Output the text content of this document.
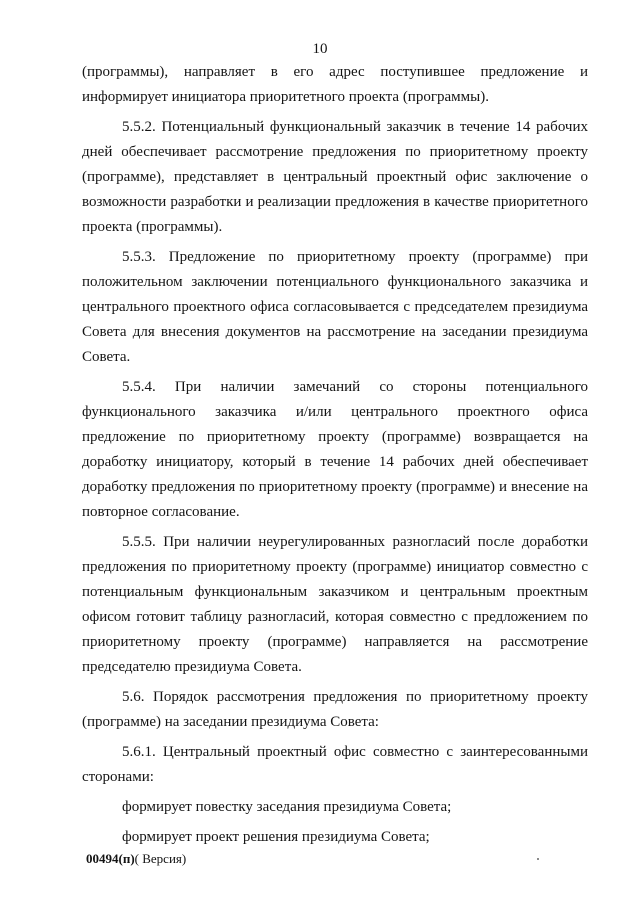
10

(программы), направляет в его адрес поступившее предложение и информирует инициатора приоритетного проекта (программы).

5.5.2. Потенциальный функциональный заказчик в течение 14 рабочих дней обеспечивает рассмотрение предложения по приоритетному проекту (программе), представляет в центральный проектный офис заключение о возможности разработки и реализации предложения в качестве приоритетного проекта (программы).

5.5.3. Предложение по приоритетному проекту (программе) при положительном заключении потенциального функционального заказчика и центрального проектного офиса согласовывается с председателем президиума Совета для внесения документов на рассмотрение на заседании президиума Совета.

5.5.4. При наличии замечаний со стороны потенциального функционального заказчика и/или центрального проектного офиса предложение по приоритетному проекту (программе) возвращается на доработку инициатору, который в течение 14 рабочих дней обеспечивает доработку предложения по приоритетному проекту (программе) и внесение на повторное согласование.

5.5.5. При наличии неурегулированных разногласий после доработки предложения по приоритетному проекту (программе) инициатор совместно с потенциальным функциональным заказчиком и центральным проектным офисом готовит таблицу разногласий, которая совместно с предложением по приоритетному проекту (программе) направляется на рассмотрение председателю президиума Совета.

5.6. Порядок рассмотрения предложения по приоритетному проекту (программе) на заседании президиума Совета:

5.6.1. Центральный проектный офис совместно с заинтересованными сторонами:

формирует повестку заседания президиума Совета;

формирует проект решения президиума Совета;

00494(п)( Версия)
